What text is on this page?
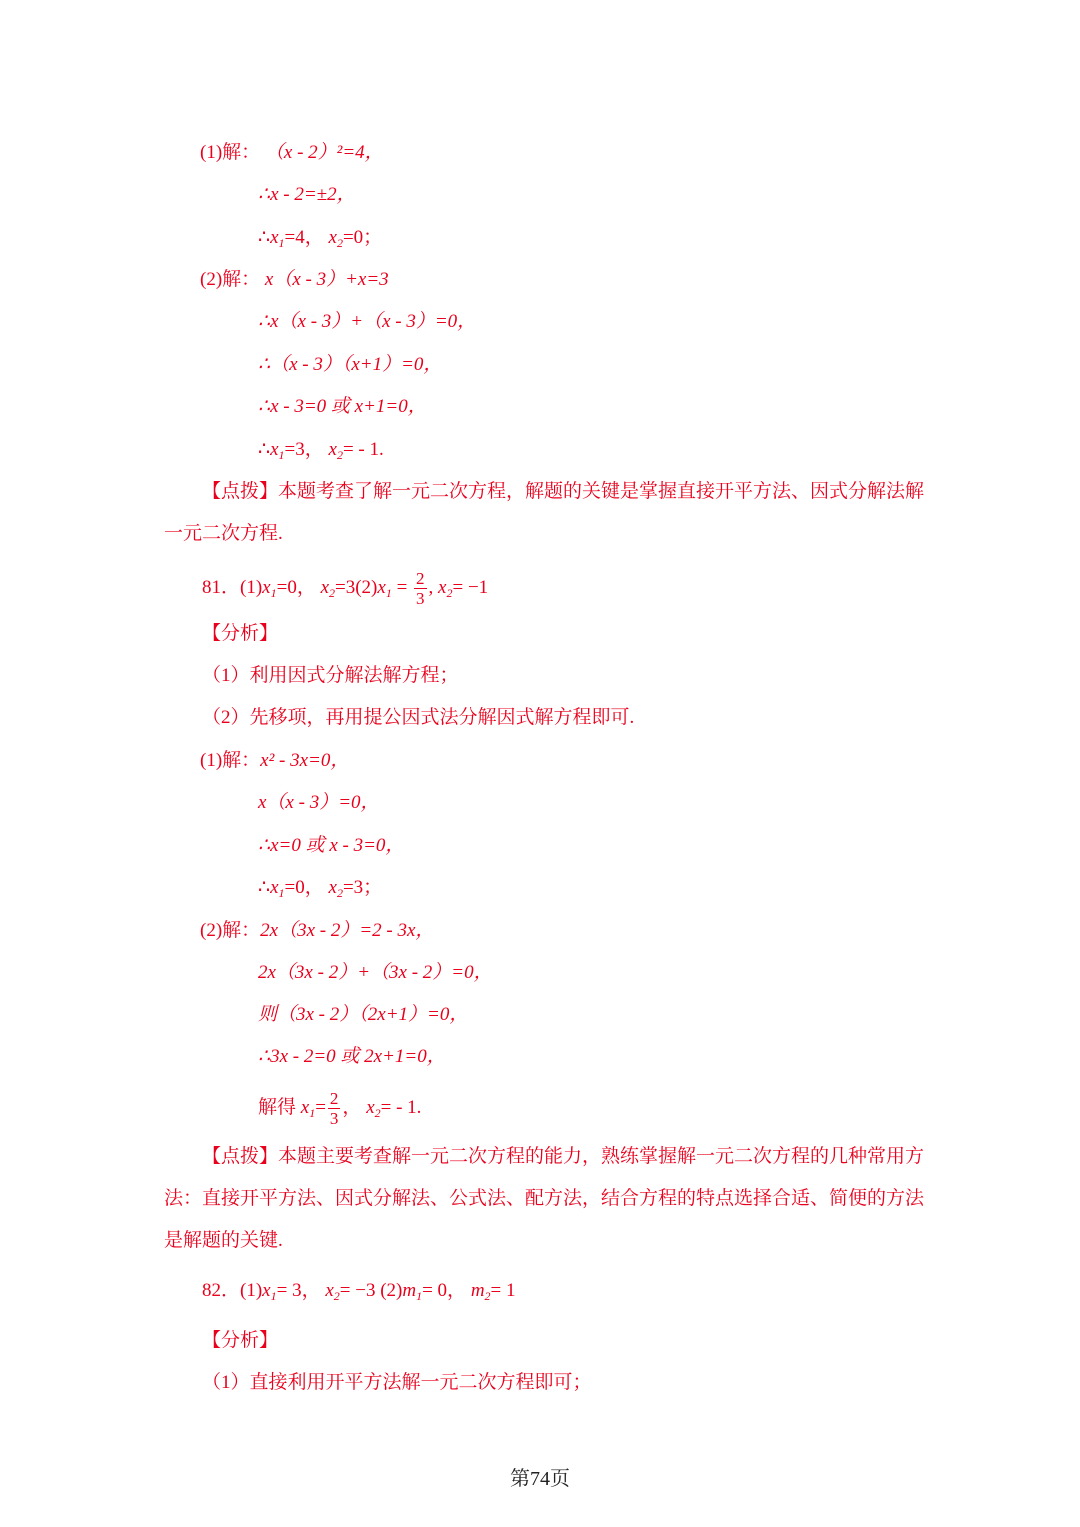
(1)解： （x - 2）²=4，
∴x - 2=±2，
$\therefore x_1=4$， $x_2=0$；
(2)解： x（x - 3）+x=3
∴x（x - 3）+（x - 3）=0，
∴（x - 3）（x+1）=0，
∴x - 3=0 或 x+1=0，
$\therefore x_1=3$， $x_2= - 1$.
【点拨】本题考查了解一元二次方程，解题的关键是掌握直接开平方法、因式分解法解
一元二次方程.
81．$(1)x_1=0$， $x_2=3(2)x_1 = \frac{2}{3}$ , $x_2= -1$
【分析】
（1）利用因式分解法解方程；
（2）先移项，再用提公因式法分解因式解方程即可.
(1)解：x² - 3x=0，
x（x - 3）=0，
∴x=0 或 x - 3=0，
$\therefore x_1=0$， $x_2=3$；
(2)解：2x（3x - 2）=2 - 3x，
2x（3x - 2）+（3x - 2）=0，
则（3x - 2）（2x+1）=0，
∴3x - 2=0 或 2x+1=0，
解得 $x_1= \frac{2}{3}$ ， $x_2= - 1$.
【点拨】本题主要考查解一元二次方程的能力，熟练掌握解一元二次方程的几种常用方
法：直接开平方法、因式分解法、公式法、配方法，结合方程的特点选择合适、简便的方法
是解题的关键.
82．$(1)x_1= 3$， $x_2= -3$ $(2)m_1= 0$， $m_2= 1$
【分析】
（1）直接利用开平方法解一元二次方程即可；
第74页
